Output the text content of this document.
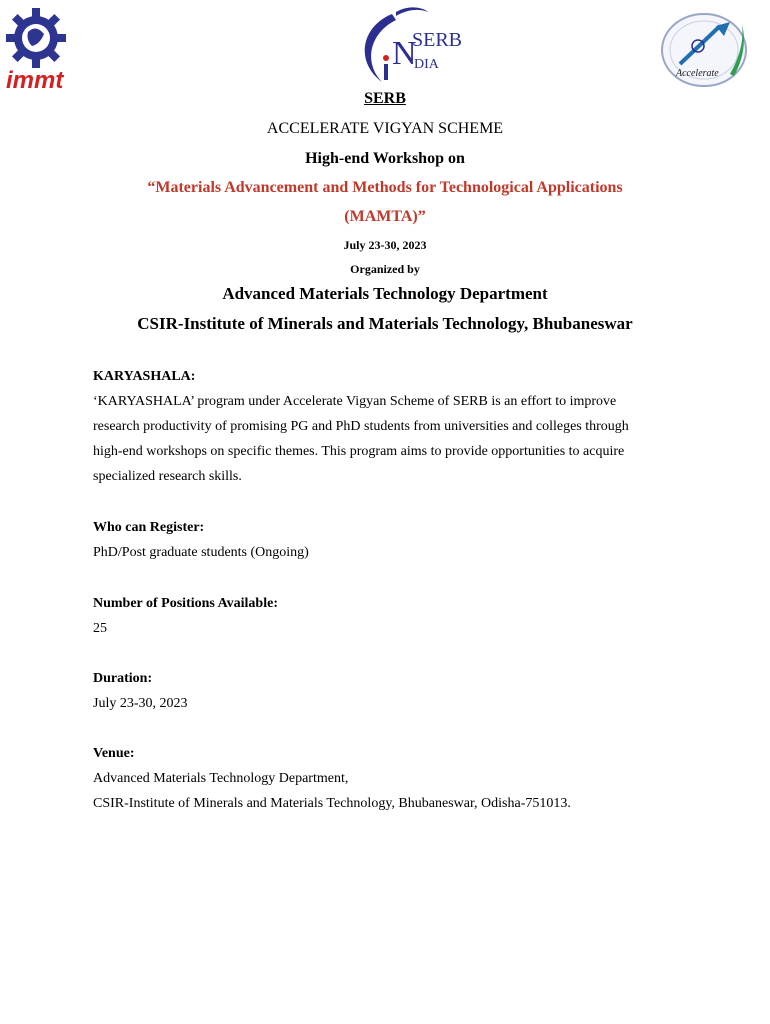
immt
N
SERB
DIA
Accelerate
SERB
ACCELERATE VIGYAN SCHEME
High-end Workshop on
“Materials Advancement and Methods for Technological Applications
(MAMTA)”
July 23-30, 2023
Organized by
Advanced Materials Technology Department
CSIR-Institute of Minerals and Materials Technology, Bhubaneswar

KARYASHALA:

‘KARYASHALA’ program under Accelerate Vigyan Scheme of SERB is an effort to improve

research productivity of promising PG and PhD students from universities and colleges through

high-end workshops on specific themes. This program aims to provide opportunities to acquire

specialized research skills.

Who can Register:

PhD/Post graduate students (Ongoing)

Number of Positions Available:

25

Duration:

July 23-30, 2023

Venue:

Advanced Materials Technology Department,

CSIR-Institute of Minerals and Materials Technology, Bhubaneswar, Odisha-751013.
